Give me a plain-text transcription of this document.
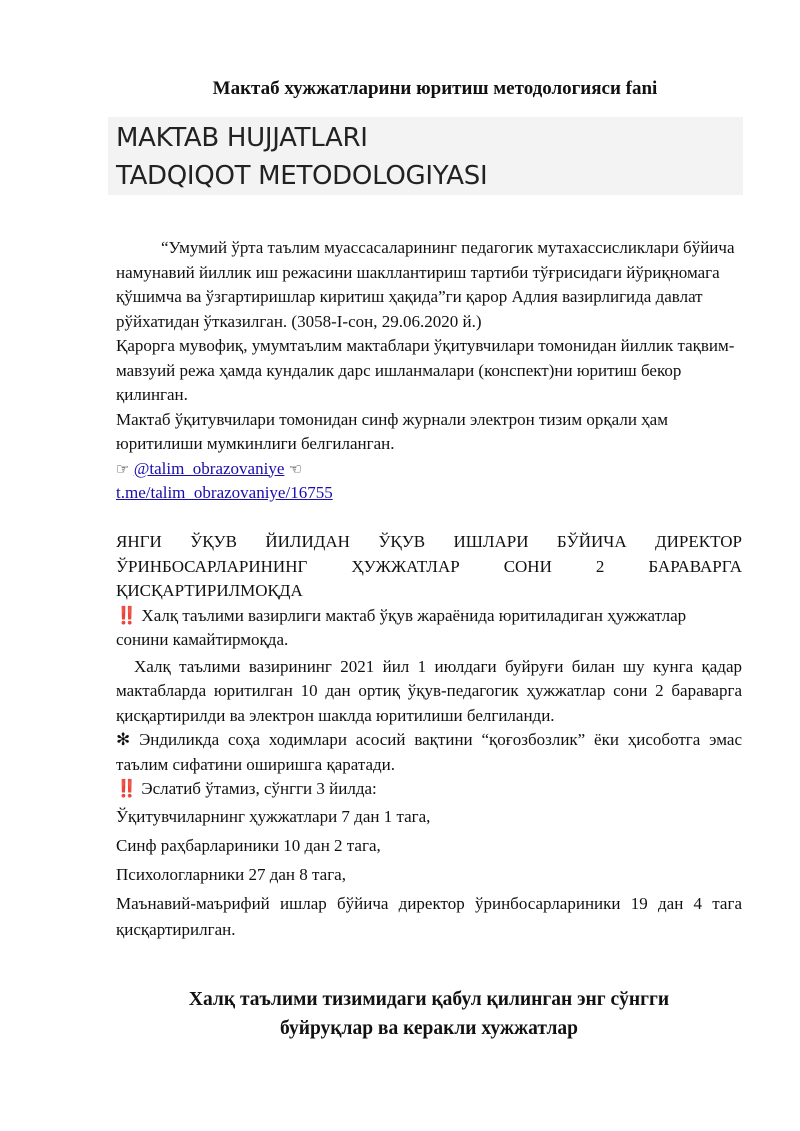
Мактаб хужжатларини юритиш методологияси fani
MAKTAB HUJJATLARI
TADQIQOT METODOLOGIYASI
“Умумий ўрта таълим муассасаларининг педагогик мутахассисликлари бўйича намунавий йиллик иш режасини шакллантириш тартиби тўғрисидаги йўриқномага қўшимча ва ўзгартиришлар киритиш ҳақида”ги қарор Адлия вазирлигида давлат рўйхатидан ўтказилган. (3058-I-сон, 29.06.2020 й.)
Қарорга мувофиқ, умумтаълим мактаблари ўқитувчилари томонидан йиллик тақвим-мавзуий режа ҳамда кундалик дарс ишланмалари (конспект)ни юритиш бекор қилинган.
Мактаб ўқитувчилари томонидан синф журнали электрон тизим орқали ҳам юритилиши мумкинлиги белгиланган.
☞ @talim_obrazovaniye ☜
t.me/talim_obrazovaniye/16755
ЯНГИ ЎҚУВ ЙИЛИДАН ЎҚУВ ИШЛАРИ БЎЙИЧА ДИРЕКТОР ЎРИНБОСАРЛАРИНИНГ ҲУЖЖАТЛАР СОНИ 2 БАРАВАРГА ҚИСҚАРТИРИЛМОҚДА
‼️ Халқ таълими вазирлиги мактаб ўқув жараёнида юритиладиган ҳужжатлар сонини камайтирмоқда.
Халқ таълими вазирининг 2021 йил 1 июлдаги буйруғи билан шу кунга қадар мактабларда юритилган 10 дан ортиқ ўқув-педагогик ҳужжатлар сони 2 бараварга қисқартирилди ва электрон шаклда юритилиши белгиланди.
✻ Эндиликда соҳа ходимлари асосий вақтини “қоғозбозлик” ёки ҳисоботга эмас таълим сифатини оширишга қаратади.
‼️ Эслатиб ўтамиз, сўнгги 3 йилда:
Ўқитувчиларнинг ҳужжатлари 7 дан 1 тага,
Синф раҳбарлариники 10 дан 2 тага,
Психологларники 27 дан 8 тага,
Маънавий-маърифий ишлар бўйича директор ўринбосарлариники 19 дан 4 тага қисқартирилган.
Халқ таълими тизимидаги қабул қилинган энг сўнгги
буйруқлар ва керакли хужжатлар
